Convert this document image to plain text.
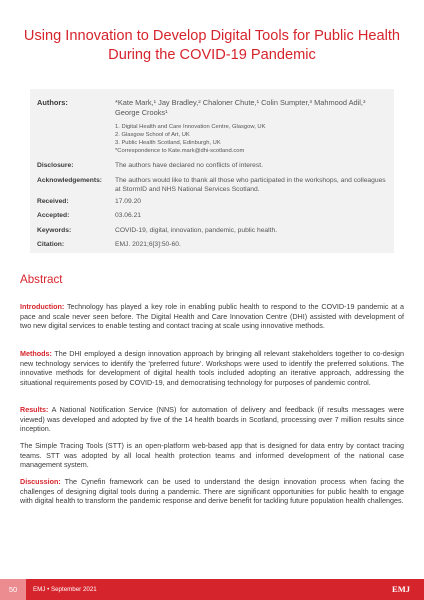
Using Innovation to Develop Digital Tools for Public Health During the COVID-19 Pandemic
Authors:	*Kate Mark,¹ Jay Bradley,² Chaloner Chute,¹ Colin Sumpter,³ Mahmood Adil,³ George Crooks¹
1. Digital Health and Care Innovation Centre, Glasgow, UK
2. Glasgow School of Art, UK
3. Public Health Scotland, Edinburgh, UK
*Correspondence to Kate.mark@dhi-scotland.com
Disclosure:	The authors have declared no conflicts of interest.
Acknowledgements:	The authors would like to thank all those who participated in the workshops, and colleagues at StormID and NHS National Services Scotland.
Received:	17.09.20
Accepted:	03.06.21
Keywords:	COVID-19, digital, innovation, pandemic, public health.
Citation:	EMJ. 2021;6[3]:50-60.
Abstract

Introduction: Technology has played a key role in enabling public health to respond to the COVID-19 pandemic at a pace and scale never seen before. The Digital Health and Care Innovation Centre (DHI) assisted with development of two new digital services to enable testing and contact tracing at scale using innovative methods.

Methods: The DHI employed a design innovation approach by bringing all relevant stakeholders together to co-design new technology services to identify the 'preferred future'. Workshops were used to identify the preferred solutions. The innovative methods for development of digital health tools included adopting an iterative approach, addressing the situational requirements posed by COVID-19, and democratising technology for purposes of pandemic control.

Results: A National Notification Service (NNS) for automation of delivery and feedback (if results messages were viewed) was developed and adopted by five of the 14 health boards in Scotland, processing over 7 million results since inception.

The Simple Tracing Tools (STT) is an open-platform web-based app that is designed for data entry by contact tracing teams. STT was adopted by all local health protection teams and informed development of the national case management system.

Discussion: The Cynefin framework can be used to understand the design innovation process when facing the challenges of designing digital tools during a pandemic. There are significant opportunities for public health to engage with digital health to transform the pandemic response and derive benefit for tackling future population health challenges.

50	EMJ • September 2021	EMJ
